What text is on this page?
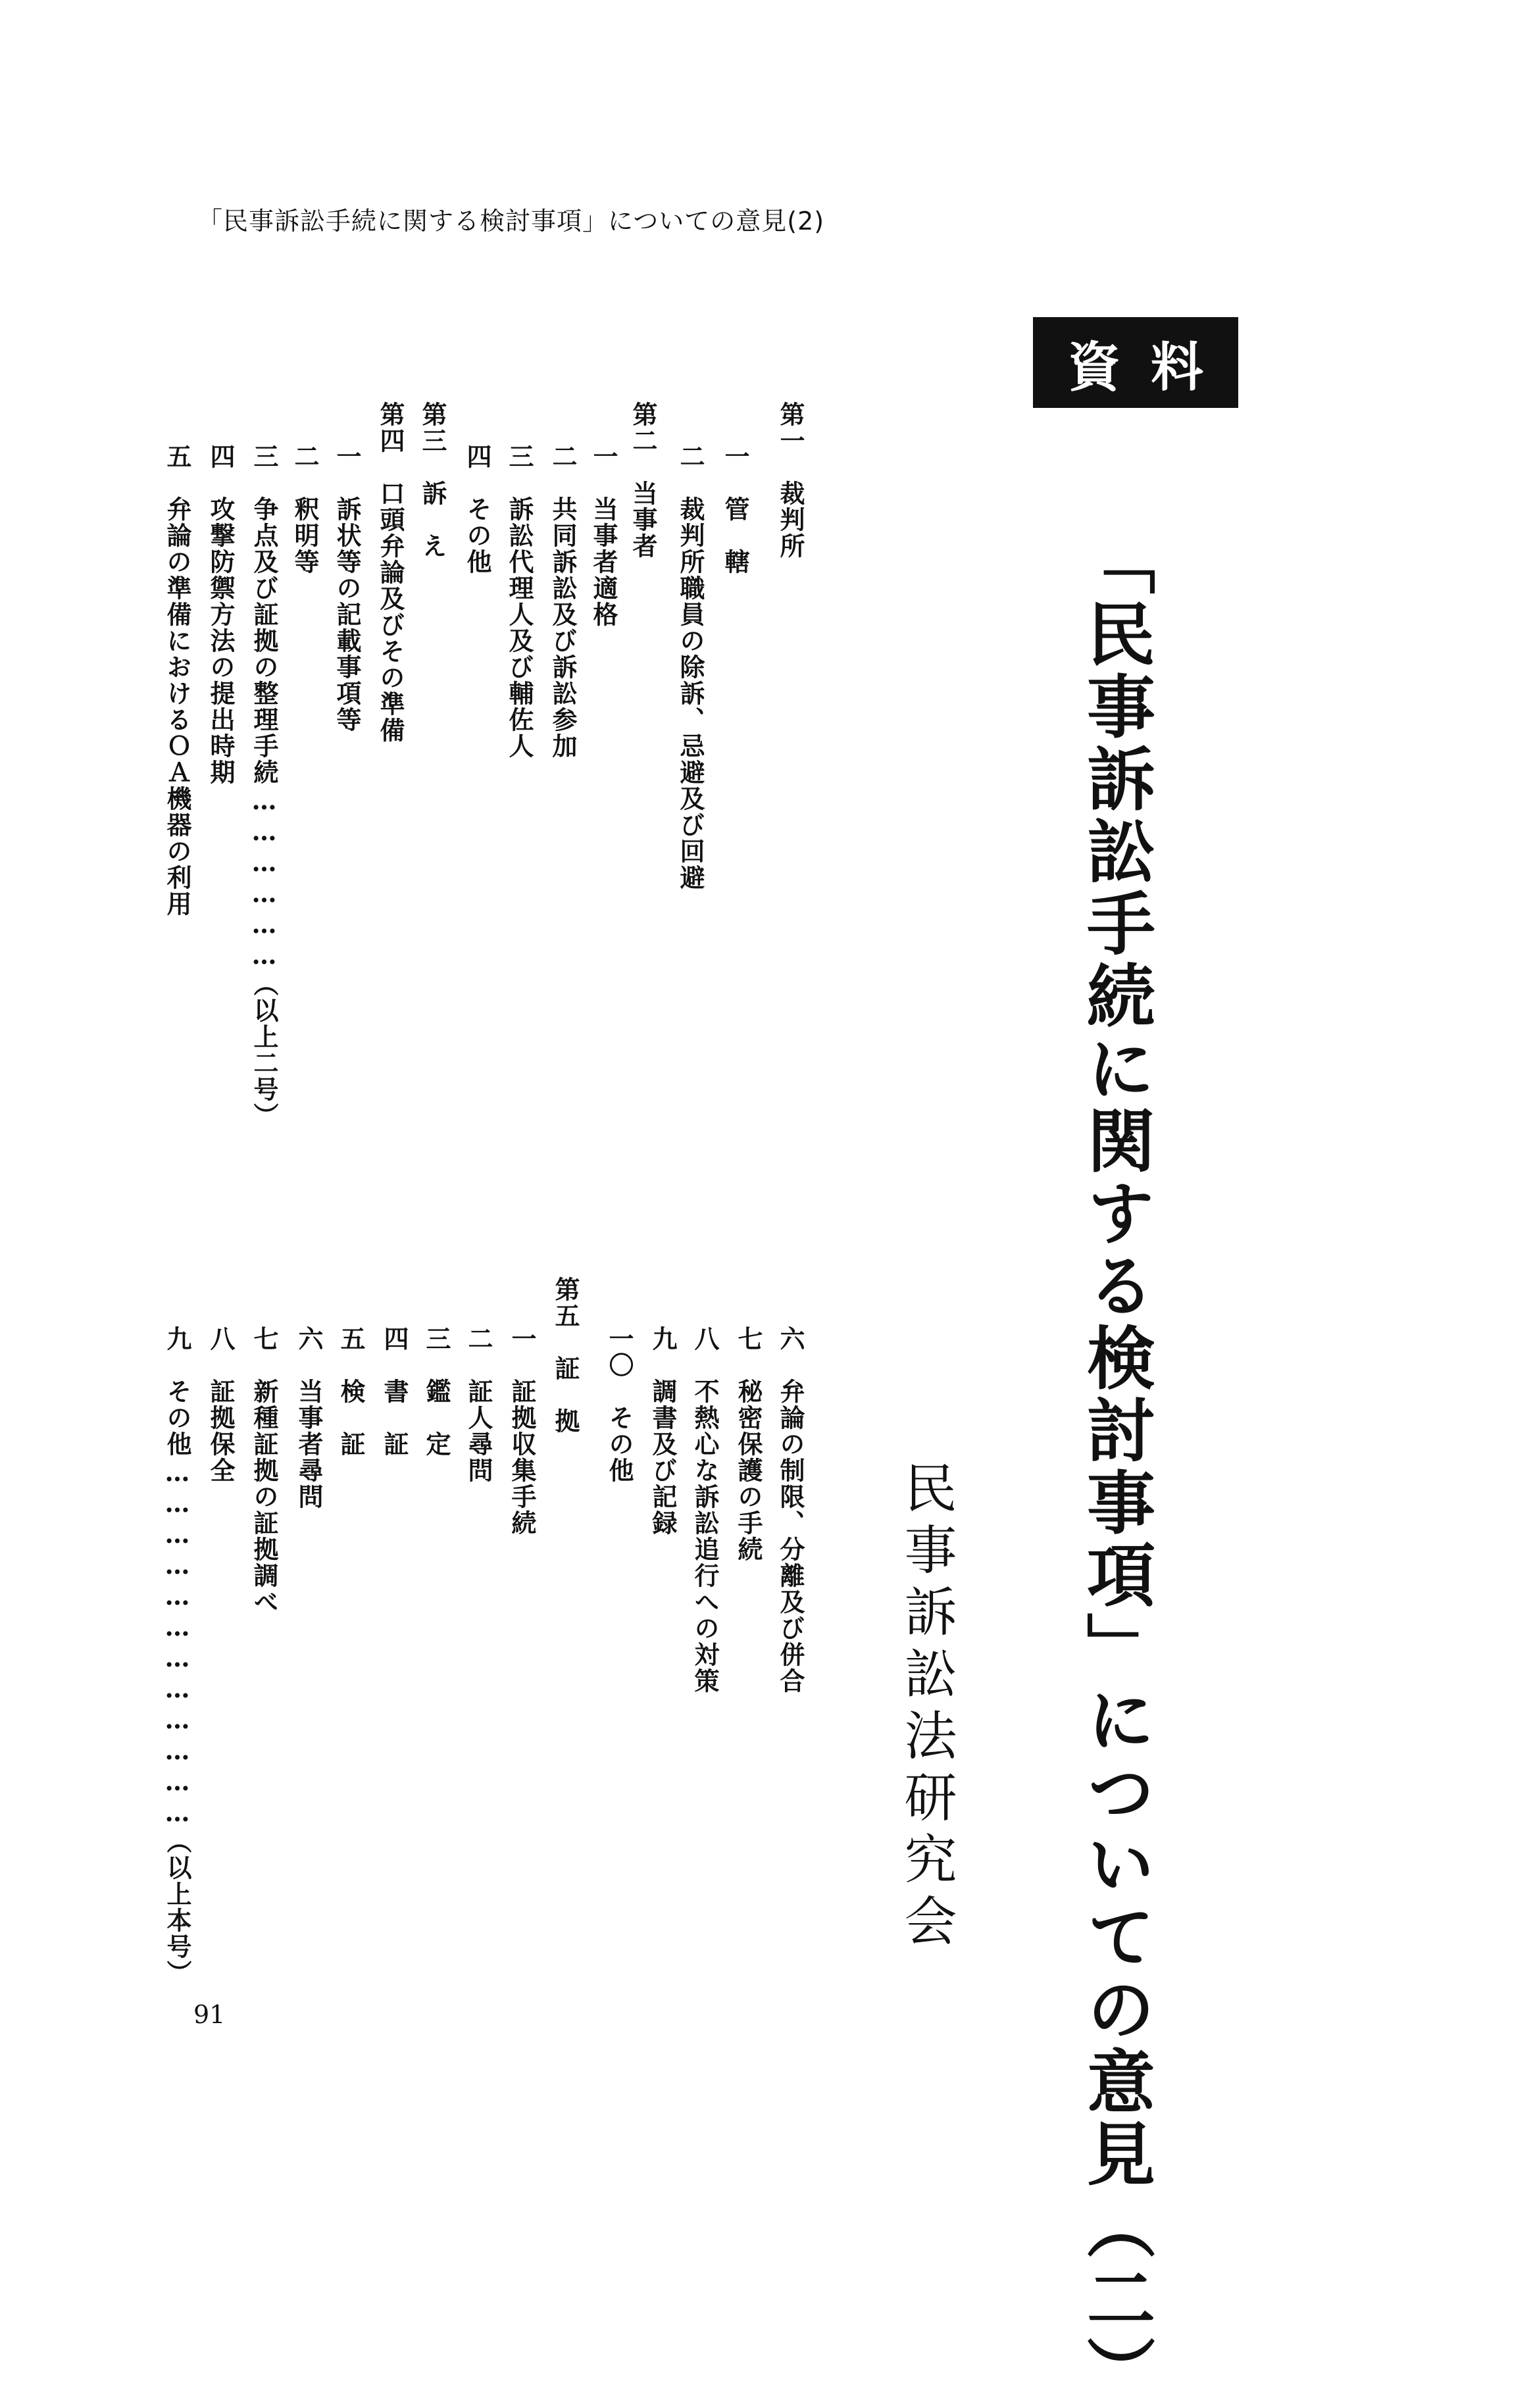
「民事訴訟手続に関する検討事項」についての意見(2)
資料
「民事訴訟手続に関する検討事項」についての意見（二）
民事訴訟法研究会
第一　裁判所
一　管　轄
二　裁判所職員の除訴、忌避及び回避
第二　当事者
一　当事者適格
二　共同訴訟及び訴訟参加
三　訴訟代理人及び輔佐人
四　その他
第三　訴　え
第四　口頭弁論及びその準備
一　訴状等の記載事項等
二　釈明等
三　争点及び証拠の整理手続………………（以上二号）
四　攻撃防禦方法の提出時期
五　弁論の準備におけるＯＡ機器の利用
六　弁論の制限、分離及び併合
七　秘密保護の手続
八　不熱心な訴訟追行への対策
九　調書及び記録
一〇　その他
第五　証　拠
一　証拠収集手続
二　証人尋問
三　鑑　定
四　書　証
五　検　証
六　当事者尋問
七　新種証拠の証拠調べ
八　証拠保全
九　その他………………………………（以上本号）
91
